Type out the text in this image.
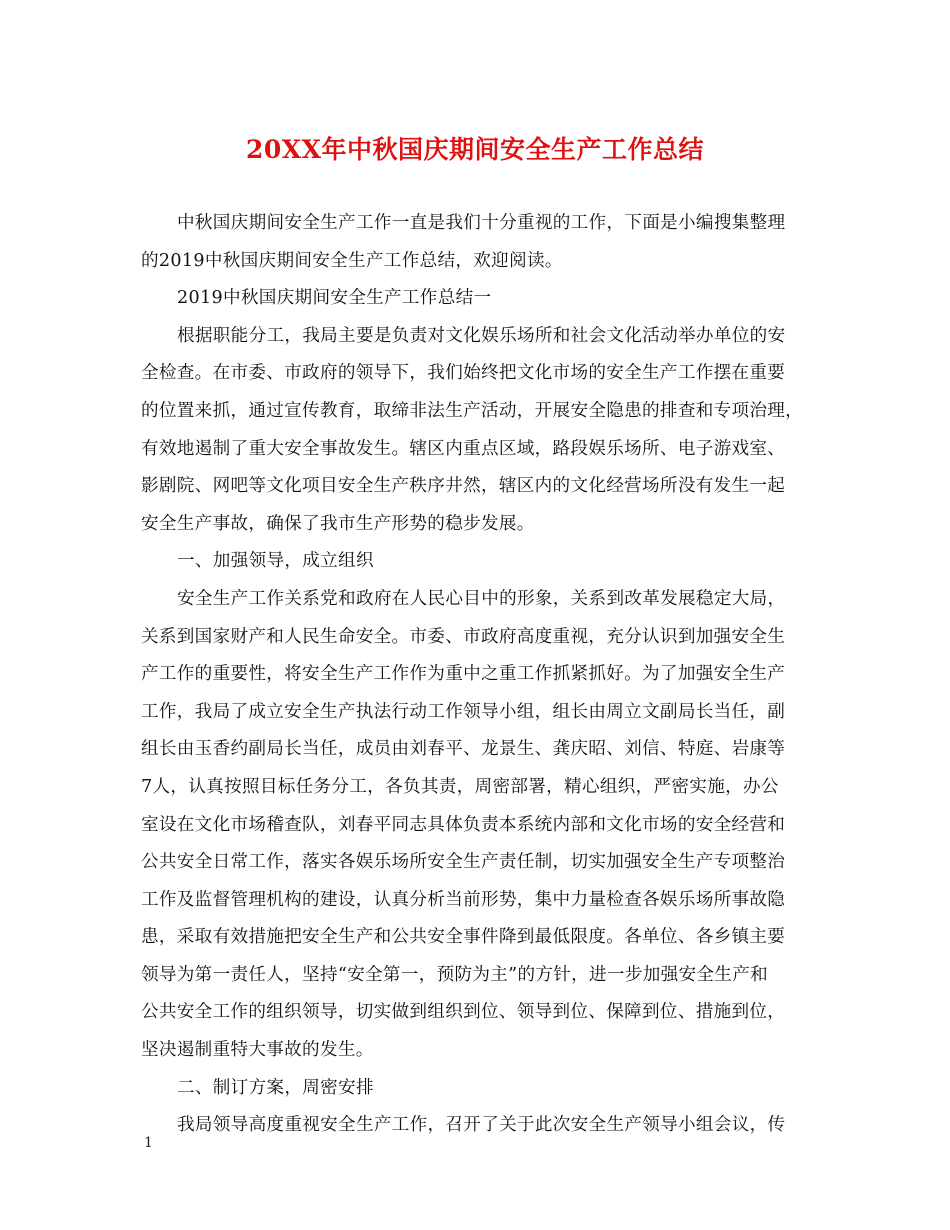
20XX年中秋国庆期间安全生产工作总结
中秋国庆期间安全生产工作一直是我们十分重视的工作，下面是小编搜集整理
的2019中秋国庆期间安全生产工作总结，欢迎阅读。
2019中秋国庆期间安全生产工作总结一
根据职能分工，我局主要是负责对文化娱乐场所和社会文化活动举办单位的安
全检查。在市委、市政府的领导下，我们始终把文化市场的安全生产工作摆在重要
的位置来抓，通过宣传教育，取缔非法生产活动，开展安全隐患的排查和专项治理，
有效地遏制了重大安全事故发生。辖区内重点区域，路段娱乐场所、电子游戏室、
影剧院、网吧等文化项目安全生产秩序井然，辖区内的文化经营场所没有发生一起
安全生产事故，确保了我市生产形势的稳步发展。
一、加强领导，成立组织
安全生产工作关系党和政府在人民心目中的形象，关系到改革发展稳定大局，
关系到国家财产和人民生命安全。市委、市政府高度重视，充分认识到加强安全生
产工作的重要性，将安全生产工作作为重中之重工作抓紧抓好。为了加强安全生产
工作，我局了成立安全生产执法行动工作领导小组，组长由周立文副局长当任，副
组长由玉香约副局长当任，成员由刘春平、龙景生、龚庆昭、刘信、特庭、岩康等
7人，认真按照目标任务分工，各负其责，周密部署，精心组织，严密实施，办公
室设在文化市场稽查队，刘春平同志具体负责本系统内部和文化市场的安全经营和
公共安全日常工作，落实各娱乐场所安全生产责任制，切实加强安全生产专项整治
工作及监督管理机构的建设，认真分析当前形势，集中力量检查各娱乐场所事故隐
患，采取有效措施把安全生产和公共安全事件降到最低限度。各单位、各乡镇主要
领导为第一责任人，坚持“安全第一，预防为主”的方针，进一步加强安全生产和
公共安全工作的组织领导，切实做到组织到位、领导到位、保障到位、措施到位，
坚决遏制重特大事故的发生。
二、制订方案，周密安排
我局领导高度重视安全生产工作，召开了关于此次安全生产领导小组会议，传
1
